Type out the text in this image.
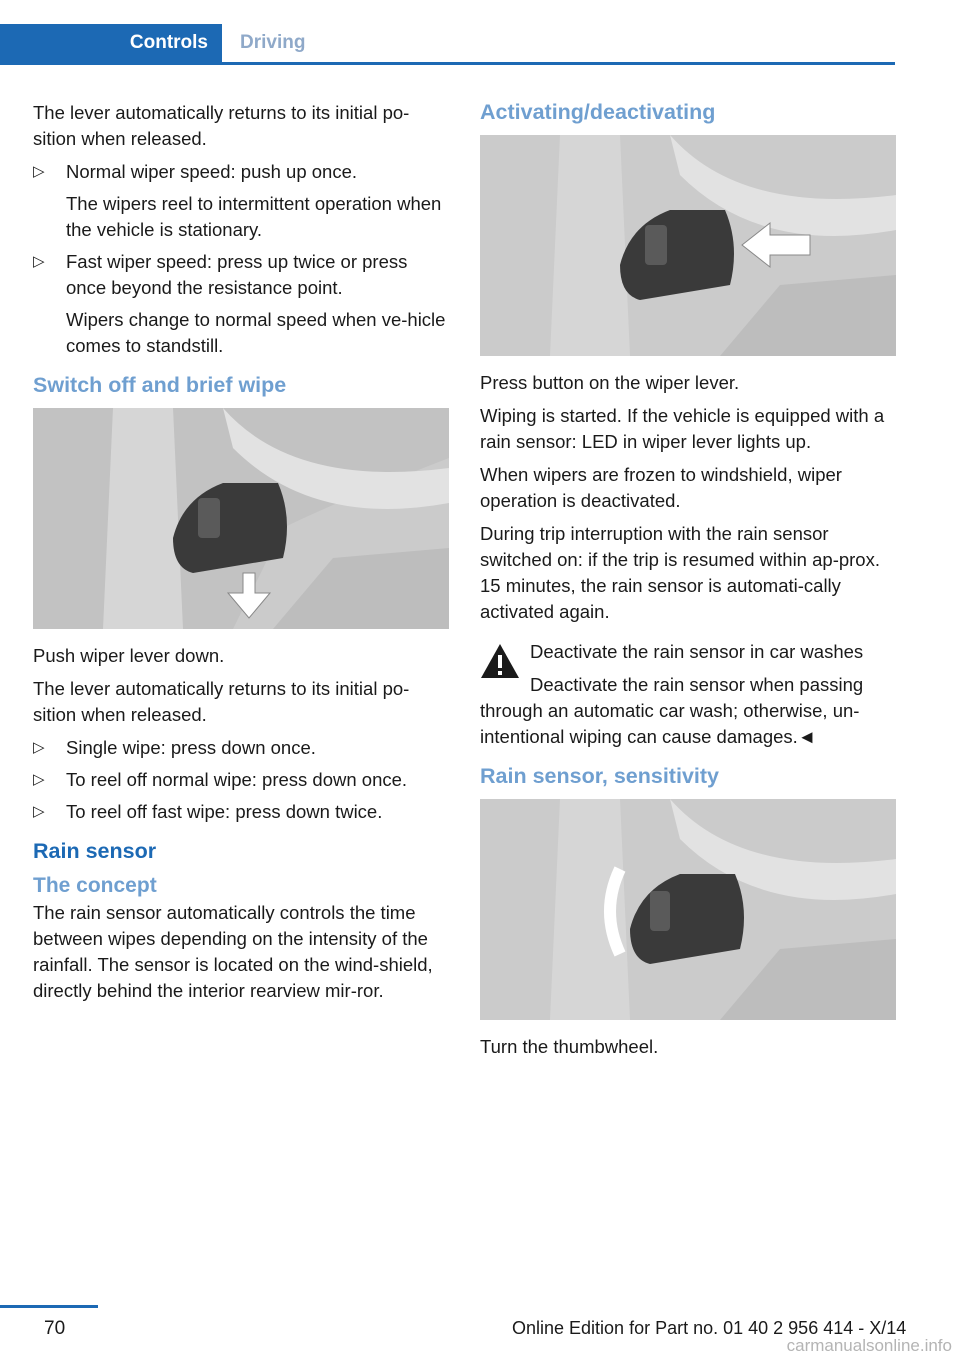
Controls	Driving

The lever automatically returns to its initial po-sition when released.

▷ Normal wiper speed: push up once.

The wipers reel to intermittent operation when the vehicle is stationary.

▷ Fast wiper speed: press up twice or press once beyond the resistance point.

Wipers change to normal speed when ve-hicle comes to standstill.

Switch off and brief wipe

Push wiper lever down.

The lever automatically returns to its initial po-sition when released.

▷ Single wipe: press down once.

▷ To reel off normal wipe: press down once.

▷ To reel off fast wipe: press down twice.

Rain sensor
The concept

The rain sensor automatically controls the time between wipes depending on the intensity of the rainfall. The sensor is located on the wind-shield, directly behind the interior rearview mir-ror.

Activating/deactivating

Press button on the wiper lever.

Wiping is started. If the vehicle is equipped with a rain sensor: LED in wiper lever lights up.

When wipers are frozen to windshield, wiper operation is deactivated.

During trip interruption with the rain sensor switched on: if the trip is resumed within ap-prox. 15 minutes, the rain sensor is automati-cally activated again.

Deactivate the rain sensor in car washes

Deactivate the rain sensor when passing through an automatic car wash; otherwise, un-intentional wiping can cause damages.◄

Rain sensor, sensitivity

Turn the thumbwheel.

70	Online Edition for Part no. 01 40 2 956 414 - X/14
carmanualsonline.info
